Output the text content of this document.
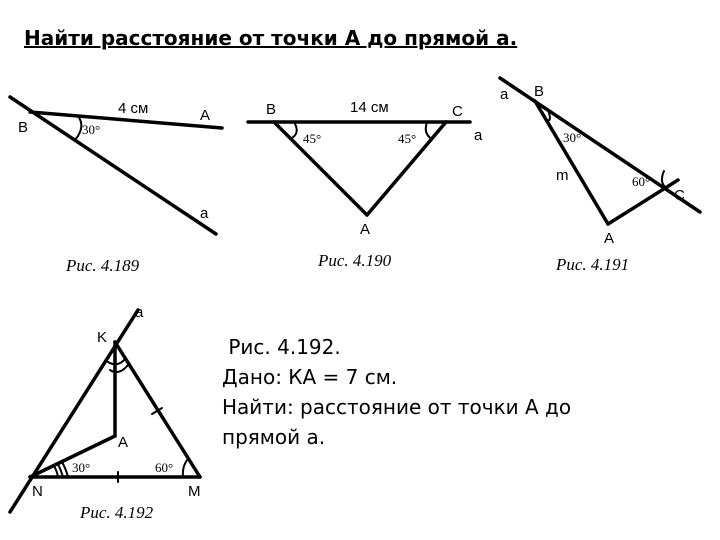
Найти расстояние от точки А до прямой а.
B
4 см	A
30°
a
Рис. 4.189
B	14 см	C
a
45°	45°
A
Рис. 4.190
a B
30°
m	60°
C
A
Рис. 4.191
a
K
A
30°	60°
N	M
Рис. 4.192
Рис. 4.192.
Дано: КА = 7 см.
Найти: расстояние от точки А до
прямой а.
